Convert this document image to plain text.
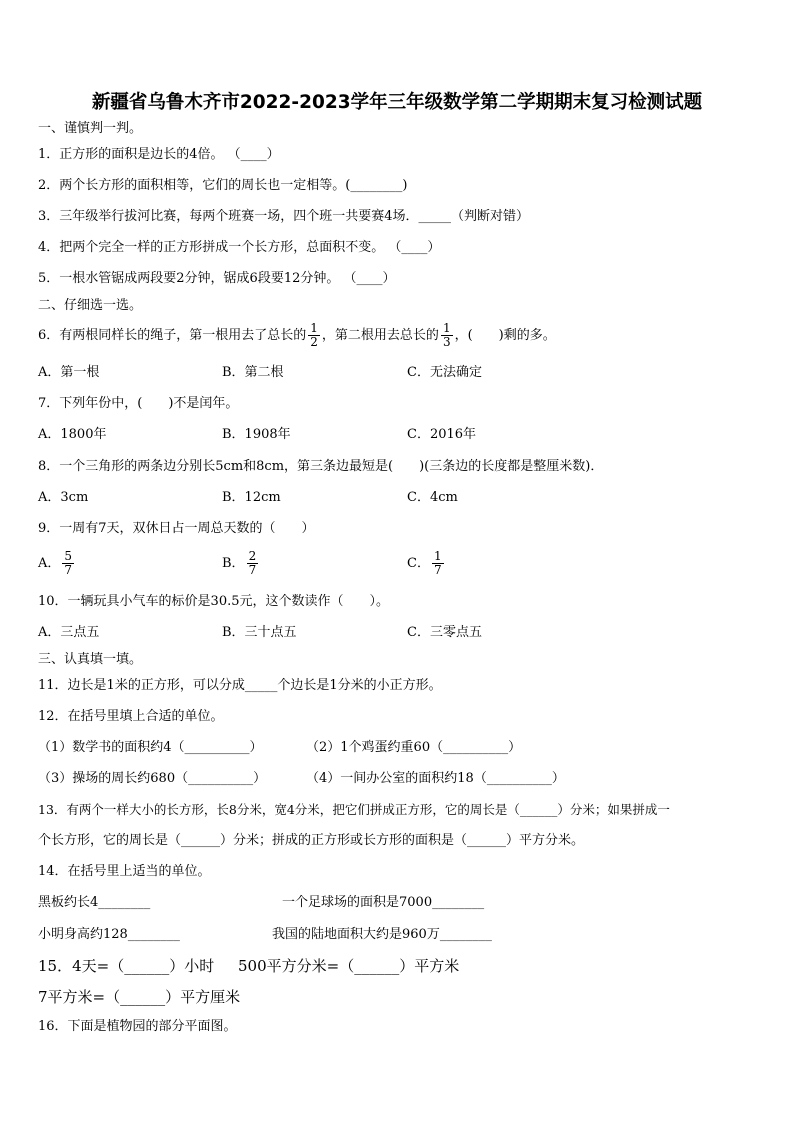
新疆省乌鲁木齐市2022-2023学年三年级数学第二学期期末复习检测试题
一、谨慎判一判。
1．正方形的面积是边长的4倍。 （____）
2．两个长方形的面积相等，它们的周长也一定相等。(________)
3．三年级举行拔河比赛，每两个班赛一场，四个班一共要赛4场．_____（判断对错）
4．把两个完全一样的正方形拼成一个长方形，总面积不变。 （____）
5．一根水管锯成两段要2分钟，锯成6段要12分钟。 （____）
二、仔细选一选。
6．有两根同样长的绳子，第一根用去了总长的 $\frac{1}{2}$ ，第二根用去总长的 $\frac{1}{3}$ ，(　　)剩的多。
A．第一根	B．第二根	C．无法确定
7．下列年份中，(　　)不是闰年。
A．1800年	B．1908年	C．2016年
8．一个三角形的两条边分别长5cm和8cm，第三条边最短是(　　)(三条边的长度都是整厘米数)．
A．3cm	B．12cm	C．4cm
9．一周有7天，双休日占一周总天数的（　　）
A． $\frac{5}{7}$	B． $\frac{2}{7}$	C． $\frac{1}{7}$
10．一辆玩具小气车的标价是30.5元，这个数读作（　　）。
A．三点五	B．三十点五	C．三零点五
三、认真填一填。
11．边长是1米的正方形，可以分成_____个边长是1分米的小正方形。
12．在括号里填上合适的单位。
（1）数学书的面积约4（__________）	（2）1个鸡蛋约重60（__________）
（3）操场的周长约680（__________）	（4）一间办公室的面积约18（__________）
13．有两个一样大小的长方形，长8分米，宽4分米，把它们拼成正方形，它的周长是（______）分米；如果拼成一
个长方形，它的周长是（______）分米；拼成的正方形或长方形的面积是（______）平方分米。
14．在括号里上适当的单位。
黑板约长4________	一个足球场的面积是7000________
小明身高约128________	我国的陆地面积大约是960万________
15．4天=（______）小时 500平方分米=（______）平方米
7平方米=（______）平方厘米
16．下面是植物园的部分平面图。
